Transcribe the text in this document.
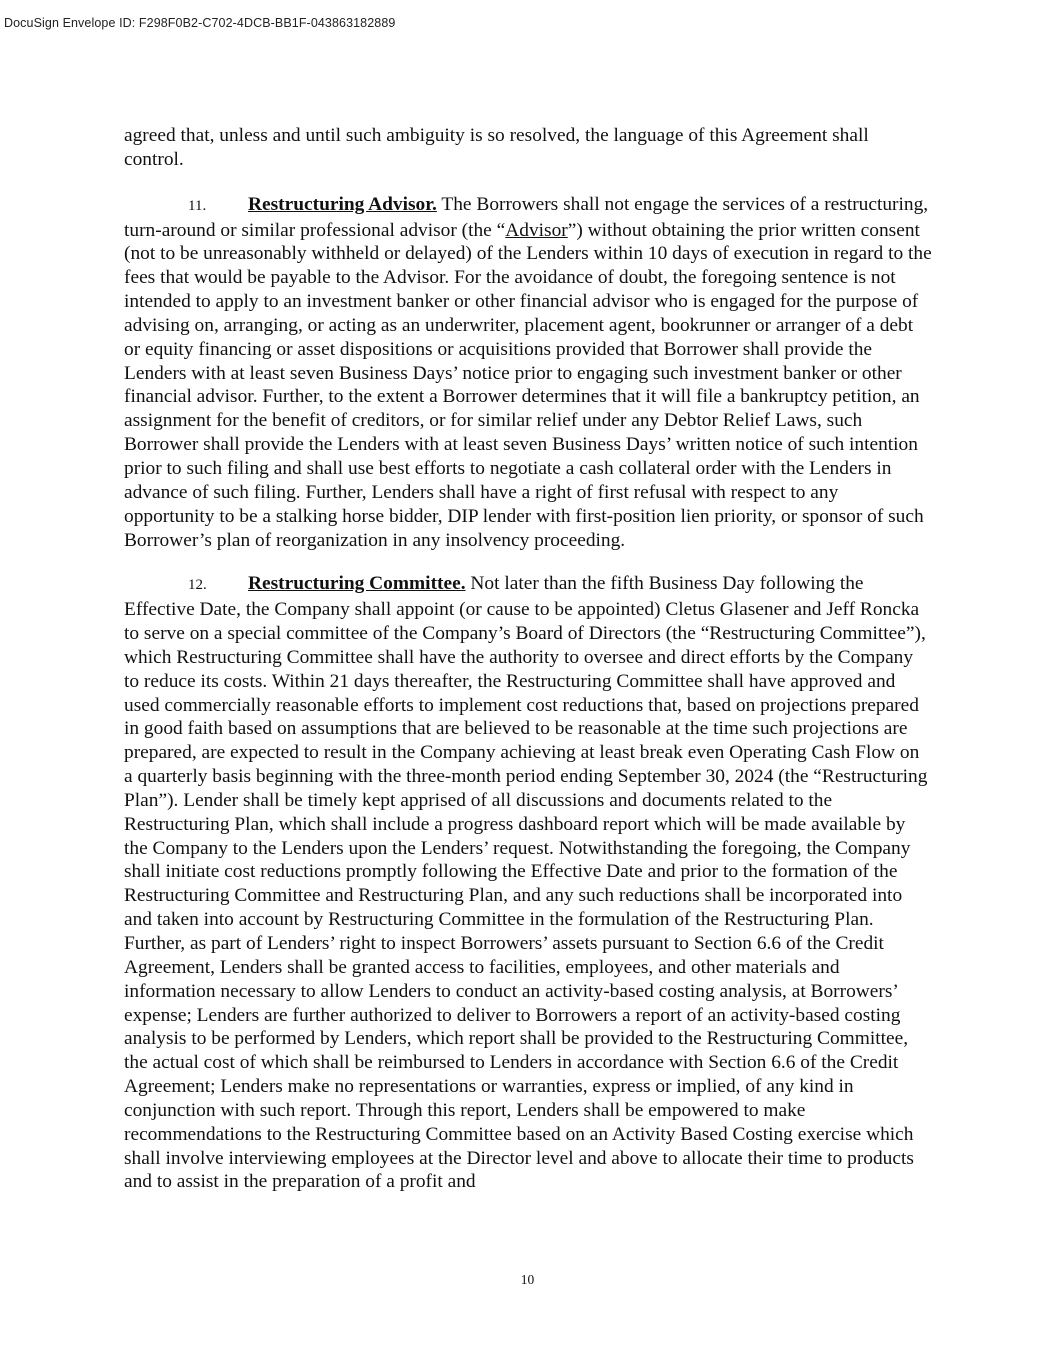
DocuSign Envelope ID: F298F0B2-C702-4DCB-BB1F-043863182889

agreed that, unless and until such ambiguity is so resolved, the language of this Agreement shall control.

11. Restructuring Advisor. The Borrowers shall not engage the services of a restructuring, turn-around or similar professional advisor (the “Advisor”) without obtaining the prior written consent (not to be unreasonably withheld or delayed) of the Lenders within 10 days of execution in regard to the fees that would be payable to the Advisor. For the avoidance of doubt, the foregoing sentence is not intended to apply to an investment banker or other financial advisor who is engaged for the purpose of advising on, arranging, or acting as an underwriter, placement agent, bookrunner or arranger of a debt or equity financing or asset dispositions or acquisitions provided that Borrower shall provide the Lenders with at least seven Business Days’ notice prior to engaging such investment banker or other financial advisor. Further, to the extent a Borrower determines that it will file a bankruptcy petition, an assignment for the benefit of creditors, or for similar relief under any Debtor Relief Laws, such Borrower shall provide the Lenders with at least seven Business Days’ written notice of such intention prior to such filing and shall use best efforts to negotiate a cash collateral order with the Lenders in advance of such filing. Further, Lenders shall have a right of first refusal with respect to any opportunity to be a stalking horse bidder, DIP lender with first-position lien priority, or sponsor of such Borrower’s plan of reorganization in any insolvency proceeding.

12. Restructuring Committee. Not later than the fifth Business Day following the Effective Date, the Company shall appoint (or cause to be appointed) Cletus Glasener and Jeff Roncka to serve on a special committee of the Company’s Board of Directors (the “Restructuring Committee”), which Restructuring Committee shall have the authority to oversee and direct efforts by the Company to reduce its costs. Within 21 days thereafter, the Restructuring Committee shall have approved and used commercially reasonable efforts to implement cost reductions that, based on projections prepared in good faith based on assumptions that are believed to be reasonable at the time such projections are prepared, are expected to result in the Company achieving at least break even Operating Cash Flow on a quarterly basis beginning with the three-month period ending September 30, 2024 (the “Restructuring Plan”). Lender shall be timely kept apprised of all discussions and documents related to the Restructuring Plan, which shall include a progress dashboard report which will be made available by the Company to the Lenders upon the Lenders’ request. Notwithstanding the foregoing, the Company shall initiate cost reductions promptly following the Effective Date and prior to the formation of the Restructuring Committee and Restructuring Plan, and any such reductions shall be incorporated into and taken into account by Restructuring Committee in the formulation of the Restructuring Plan. Further, as part of Lenders’ right to inspect Borrowers’ assets pursuant to Section 6.6 of the Credit Agreement, Lenders shall be granted access to facilities, employees, and other materials and information necessary to allow Lenders to conduct an activity-based costing analysis, at Borrowers’ expense; Lenders are further authorized to deliver to Borrowers a report of an activity-based costing analysis to be performed by Lenders, which report shall be provided to the Restructuring Committee, the actual cost of which shall be reimbursed to Lenders in accordance with Section 6.6 of the Credit Agreement; Lenders make no representations or warranties, express or implied, of any kind in conjunction with such report. Through this report, Lenders shall be empowered to make recommendations to the Restructuring Committee based on an Activity Based Costing exercise which shall involve interviewing employees at the Director level and above to allocate their time to products and to assist in the preparation of a profit and

10
